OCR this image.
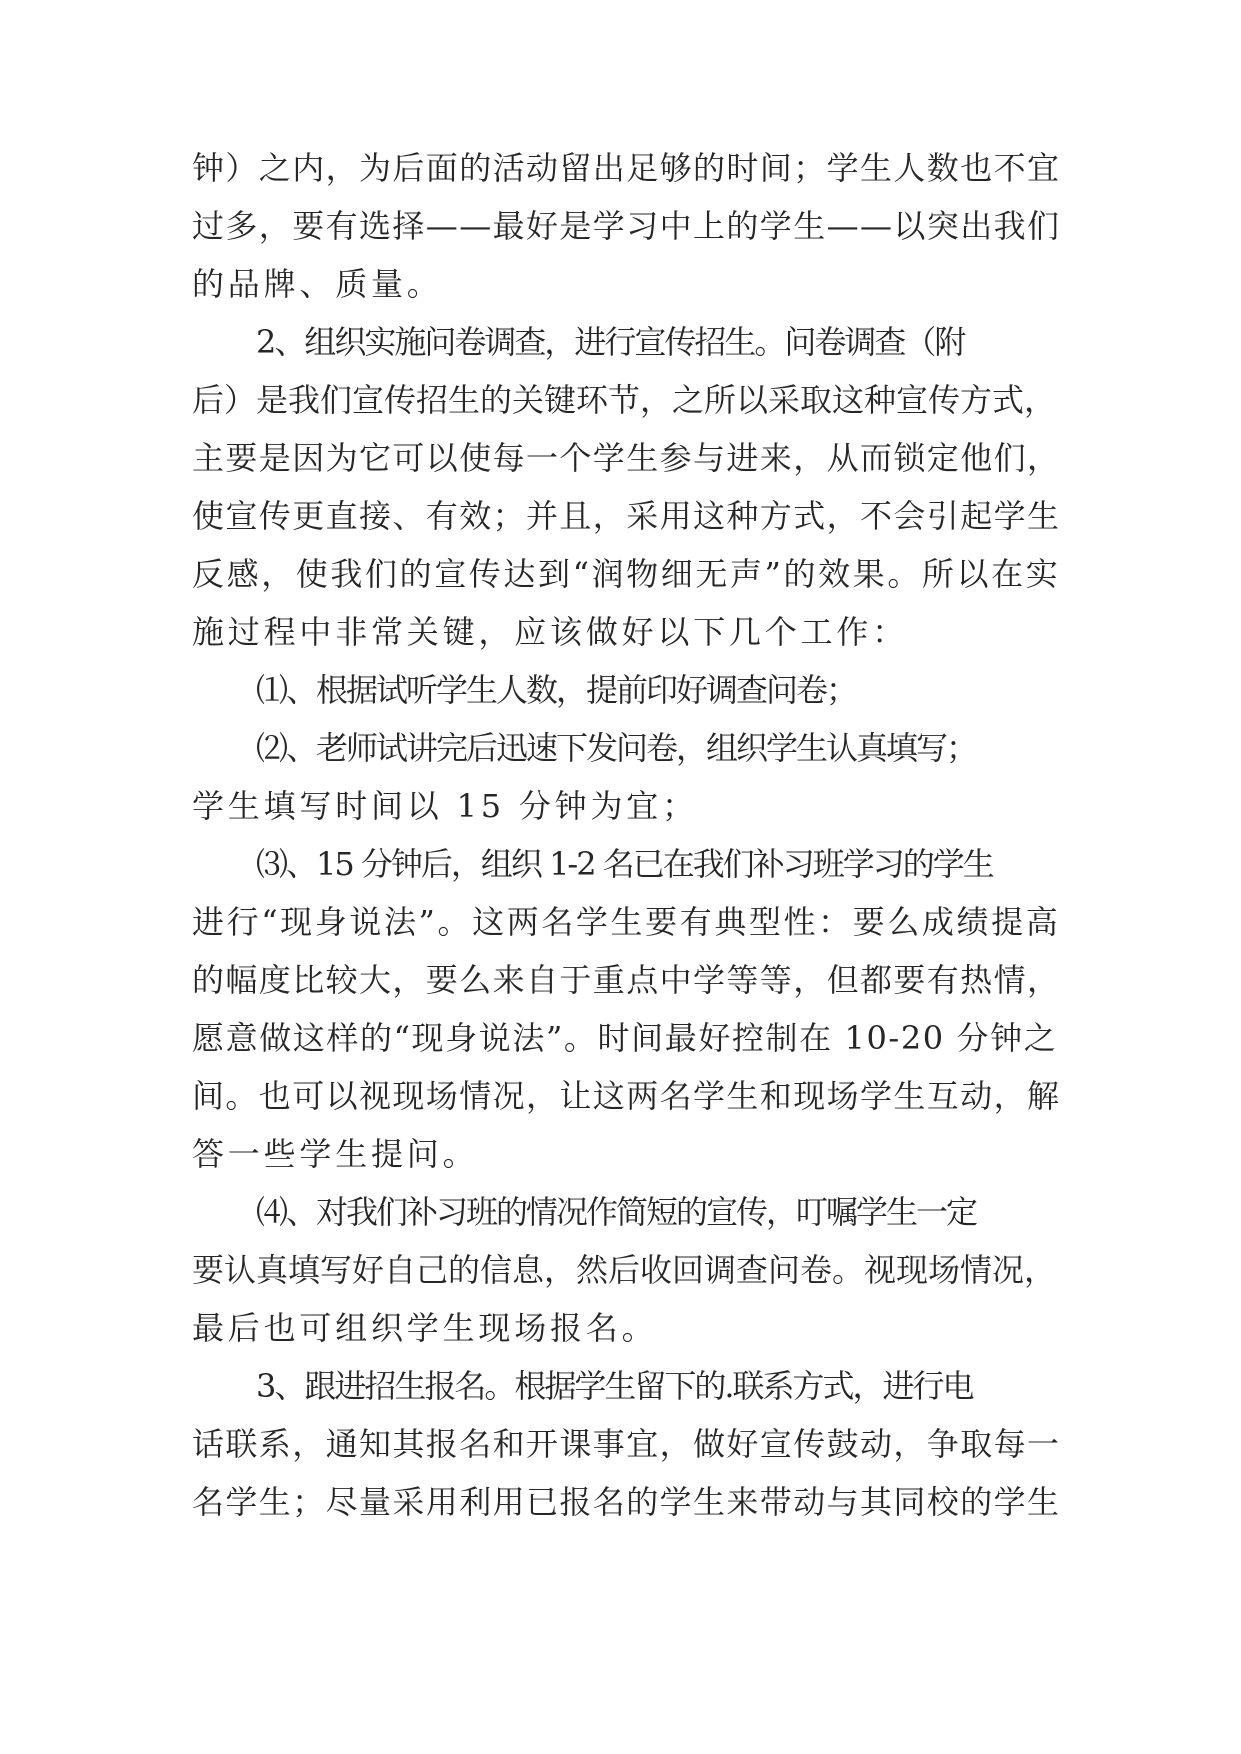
钟）之内，为后面的活动留出足够的时间；学生人数也不宜
过多，要有选择——最好是学习中上的学生——以突出我们
的品牌、质量。
2、组织实施问卷调查，进行宣传招生。问卷调查（附
后）是我们宣传招生的关键环节，之所以采取这种宣传方式，
主要是因为它可以使每一个学生参与进来，从而锁定他们，
使宣传更直接、有效；并且，采用这种方式，不会引起学生
反感，使我们的宣传达到“润物细无声”的效果。所以在实
施过程中非常关键，应该做好以下几个工作：
⑴、根据试听学生人数，提前印好调查问卷；
⑵、老师试讲完后迅速下发问卷，组织学生认真填写；
学生填写时间以 15 分钟为宜；
⑶、15 分钟后，组织 1-2 名已在我们补习班学习的学生
进行“现身说法”。这两名学生要有典型性：要么成绩提高
的幅度比较大，要么来自于重点中学等等，但都要有热情，
愿意做这样的“现身说法”。时间最好控制在 10-20 分钟之
间。也可以视现场情况，让这两名学生和现场学生互动，解
答一些学生提问。
⑷、对我们补习班的情况作简短的宣传，叮嘱学生一定
要认真填写好自己的信息，然后收回调查问卷。视现场情况，
最后也可组织学生现场报名。
3、跟进招生报名。根据学生留下的.联系方式，进行电
话联系，通知其报名和开课事宜，做好宣传鼓动，争取每一
名学生；尽量采用利用已报名的学生来带动与其同校的学生
